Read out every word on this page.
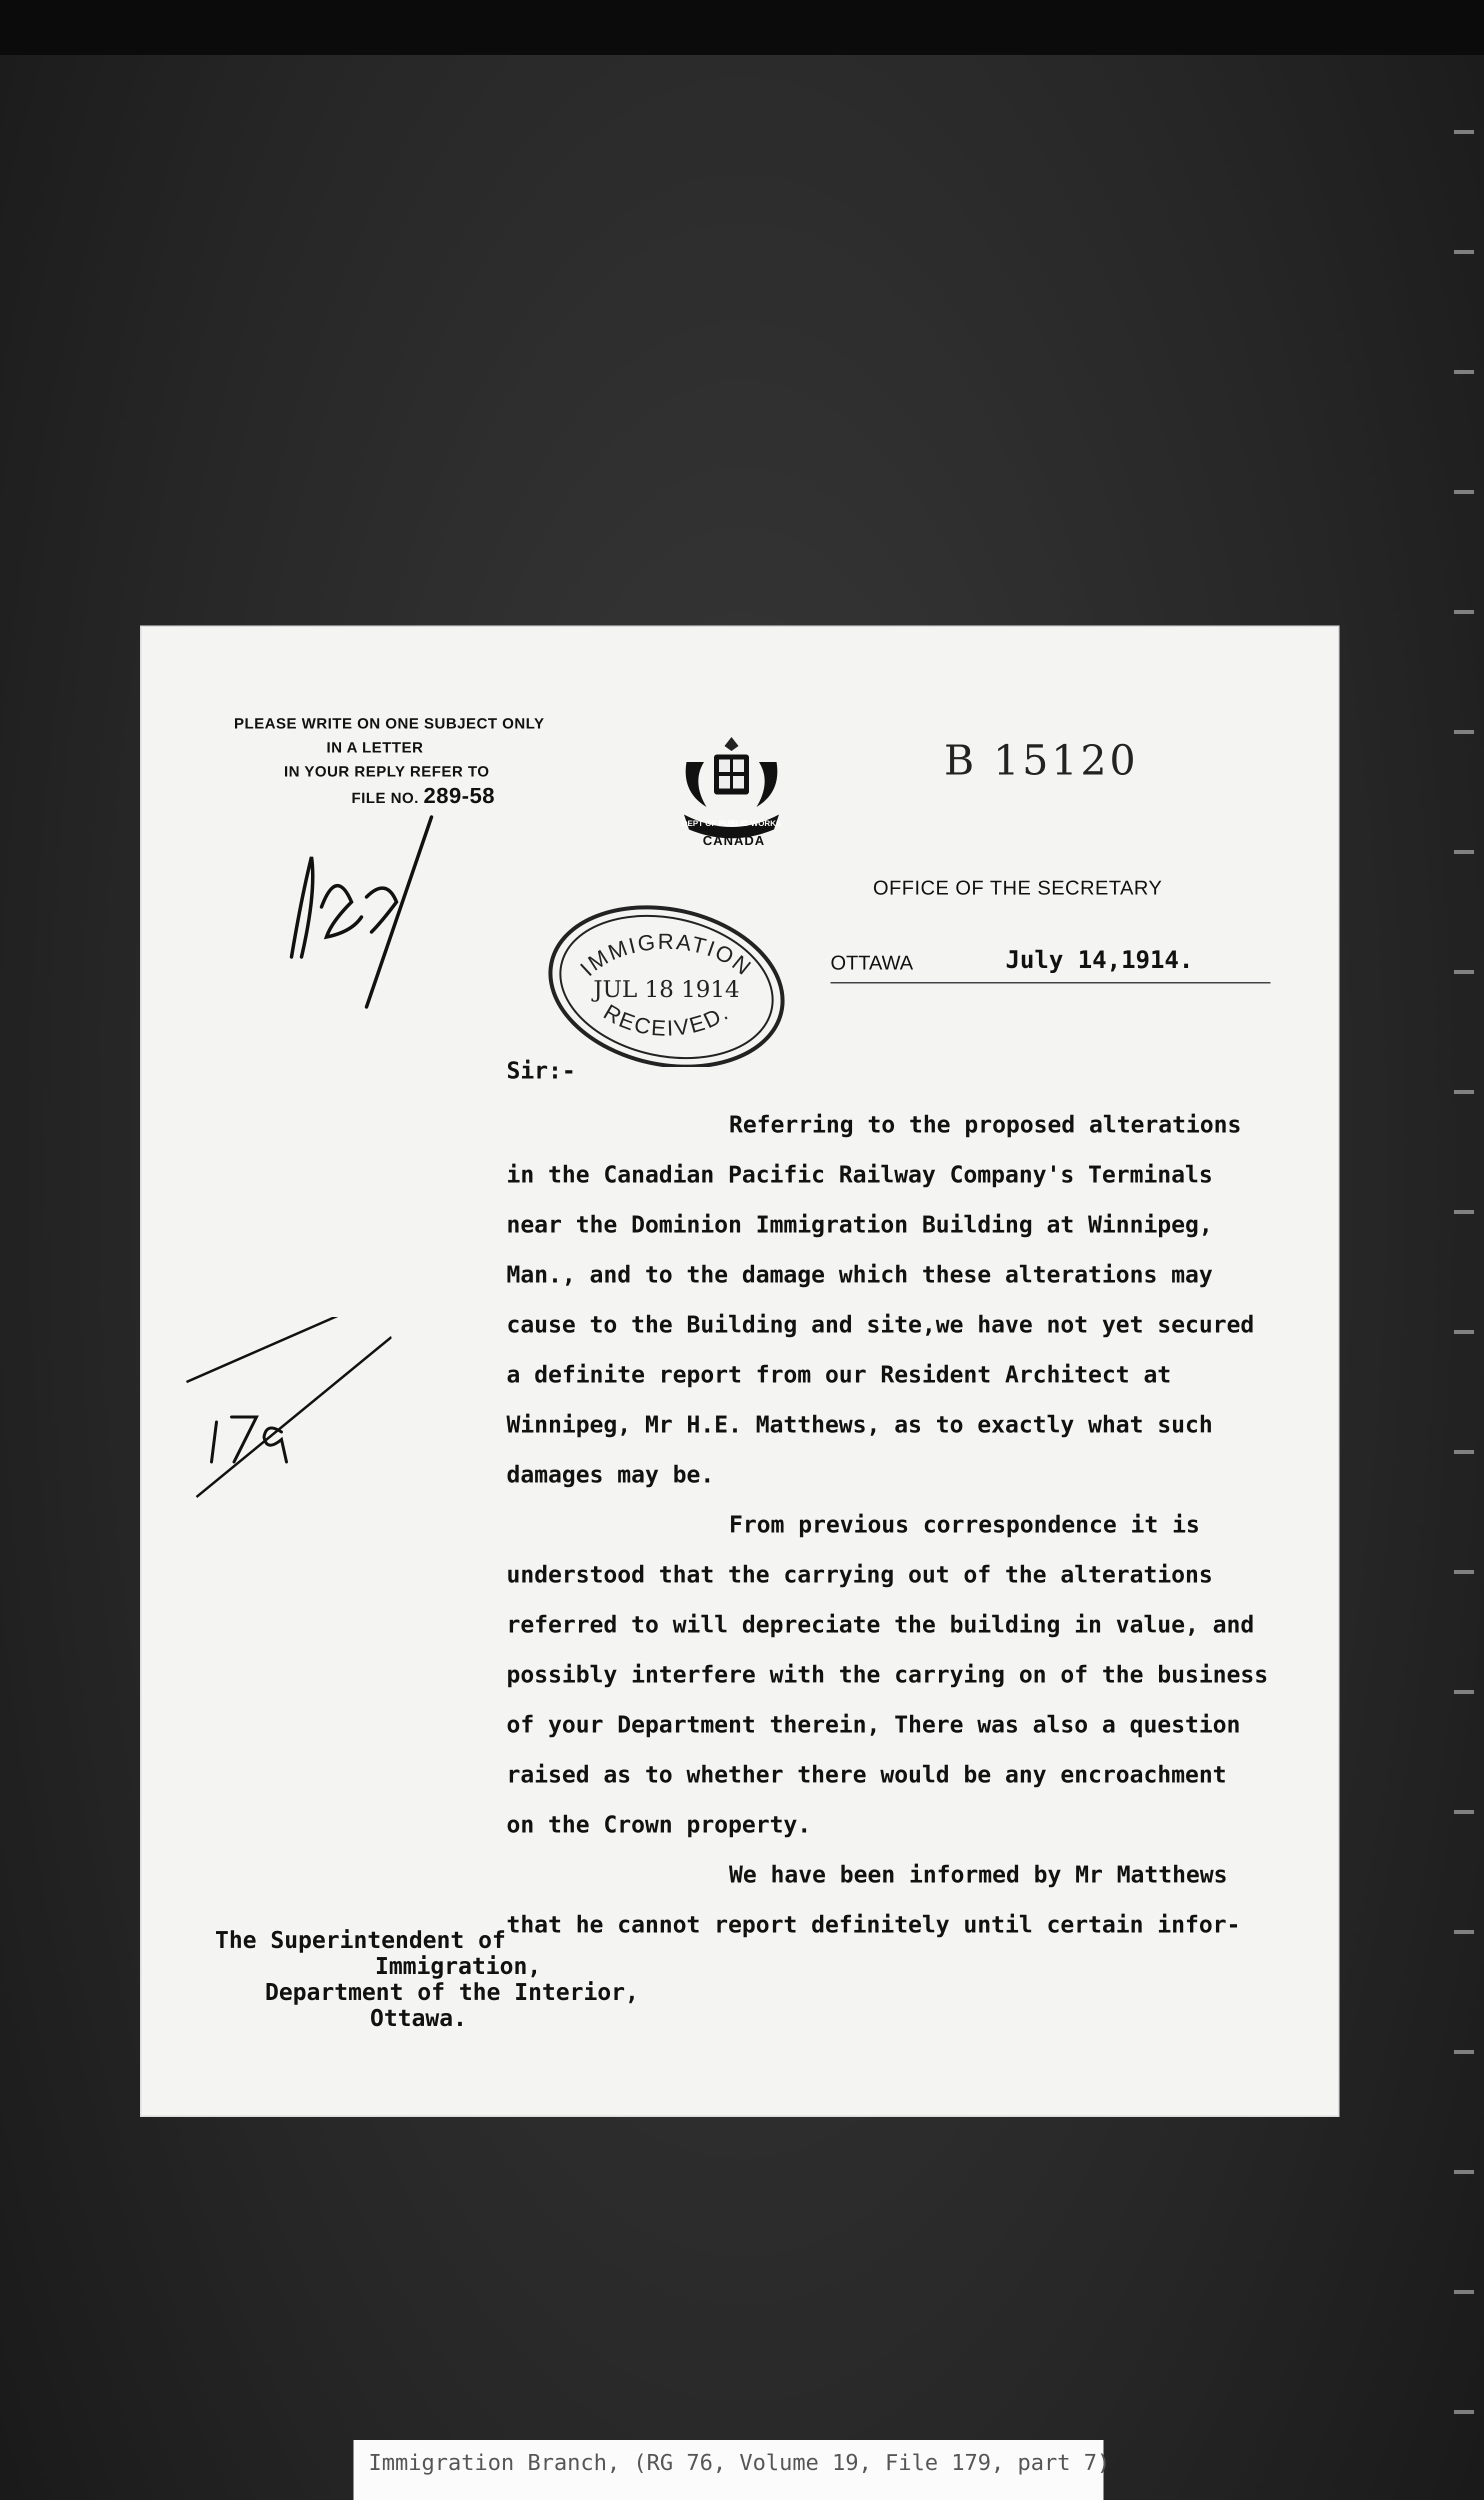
PLEASE WRITE ON ONE SUBJECT ONLY
IN A LETTER
IN YOUR REPLY REFER TO
FILE NO. 289-58
DEPT OF PUBLIC WORKS
CANADA
B 15120
OFFICE OF THE SECRETARY
OTTAWA	July 14,1914.
IMMIGRATION
JUL 18 1914
RECEIVED.
Sir:-
Referring to the proposed alterations
in the Canadian Pacific Railway Company's Terminals
near the Dominion Immigration Building at Winnipeg,
Man., and to the damage which these alterations may
cause to the Building and site,we have not yet secured
a definite report from our Resident Architect at
Winnipeg, Mr H.E. Matthews, as to exactly what such
damages may be.
From previous correspondence it is
understood that the carrying out of the alterations
referred to will depreciate the building in value, and
possibly interfere with the carrying on of the business
of your Department therein, There was also a question
raised as to whether there would be any encroachment
on the Crown property.
We have been informed by Mr Matthews
that he cannot report definitely until certain infor-
The Superintendent of
Immigration,
Department of the Interior,
Ottawa.
Immigration Branch, (RG 76, Volume 19, File 179, part 7)
